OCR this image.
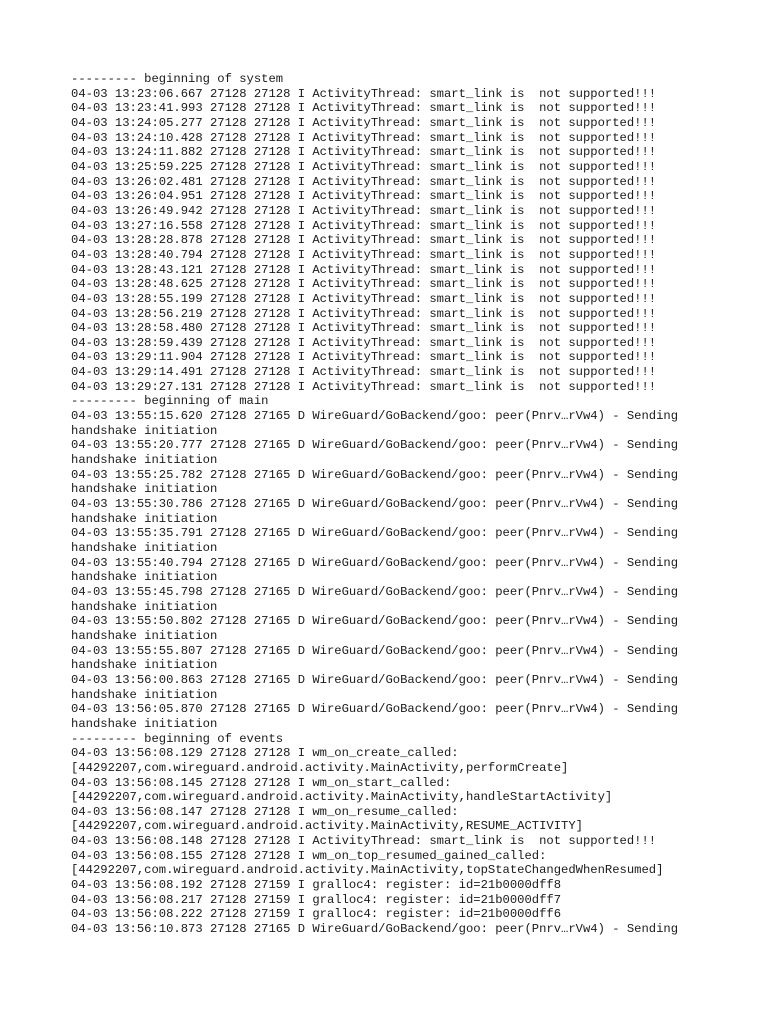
--------- beginning of system
04-03 13:23:06.667 27128 27128 I ActivityThread: smart_link is  not supported!!!
04-03 13:23:41.993 27128 27128 I ActivityThread: smart_link is  not supported!!!
04-03 13:24:05.277 27128 27128 I ActivityThread: smart_link is  not supported!!!
04-03 13:24:10.428 27128 27128 I ActivityThread: smart_link is  not supported!!!
04-03 13:24:11.882 27128 27128 I ActivityThread: smart_link is  not supported!!!
04-03 13:25:59.225 27128 27128 I ActivityThread: smart_link is  not supported!!!
04-03 13:26:02.481 27128 27128 I ActivityThread: smart_link is  not supported!!!
04-03 13:26:04.951 27128 27128 I ActivityThread: smart_link is  not supported!!!
04-03 13:26:49.942 27128 27128 I ActivityThread: smart_link is  not supported!!!
04-03 13:27:16.558 27128 27128 I ActivityThread: smart_link is  not supported!!!
04-03 13:28:28.878 27128 27128 I ActivityThread: smart_link is  not supported!!!
04-03 13:28:40.794 27128 27128 I ActivityThread: smart_link is  not supported!!!
04-03 13:28:43.121 27128 27128 I ActivityThread: smart_link is  not supported!!!
04-03 13:28:48.625 27128 27128 I ActivityThread: smart_link is  not supported!!!
04-03 13:28:55.199 27128 27128 I ActivityThread: smart_link is  not supported!!!
04-03 13:28:56.219 27128 27128 I ActivityThread: smart_link is  not supported!!!
04-03 13:28:58.480 27128 27128 I ActivityThread: smart_link is  not supported!!!
04-03 13:28:59.439 27128 27128 I ActivityThread: smart_link is  not supported!!!
04-03 13:29:11.904 27128 27128 I ActivityThread: smart_link is  not supported!!!
04-03 13:29:14.491 27128 27128 I ActivityThread: smart_link is  not supported!!!
04-03 13:29:27.131 27128 27128 I ActivityThread: smart_link is  not supported!!!
--------- beginning of main
04-03 13:55:15.620 27128 27165 D WireGuard/GoBackend/goo: peer(Pnrv…rVw4) - Sending
handshake initiation
04-03 13:55:20.777 27128 27165 D WireGuard/GoBackend/goo: peer(Pnrv…rVw4) - Sending
handshake initiation
04-03 13:55:25.782 27128 27165 D WireGuard/GoBackend/goo: peer(Pnrv…rVw4) - Sending
handshake initiation
04-03 13:55:30.786 27128 27165 D WireGuard/GoBackend/goo: peer(Pnrv…rVw4) - Sending
handshake initiation
04-03 13:55:35.791 27128 27165 D WireGuard/GoBackend/goo: peer(Pnrv…rVw4) - Sending
handshake initiation
04-03 13:55:40.794 27128 27165 D WireGuard/GoBackend/goo: peer(Pnrv…rVw4) - Sending
handshake initiation
04-03 13:55:45.798 27128 27165 D WireGuard/GoBackend/goo: peer(Pnrv…rVw4) - Sending
handshake initiation
04-03 13:55:50.802 27128 27165 D WireGuard/GoBackend/goo: peer(Pnrv…rVw4) - Sending
handshake initiation
04-03 13:55:55.807 27128 27165 D WireGuard/GoBackend/goo: peer(Pnrv…rVw4) - Sending
handshake initiation
04-03 13:56:00.863 27128 27165 D WireGuard/GoBackend/goo: peer(Pnrv…rVw4) - Sending
handshake initiation
04-03 13:56:05.870 27128 27165 D WireGuard/GoBackend/goo: peer(Pnrv…rVw4) - Sending
handshake initiation
--------- beginning of events
04-03 13:56:08.129 27128 27128 I wm_on_create_called:
[44292207,com.wireguard.android.activity.MainActivity,performCreate]
04-03 13:56:08.145 27128 27128 I wm_on_start_called:
[44292207,com.wireguard.android.activity.MainActivity,handleStartActivity]
04-03 13:56:08.147 27128 27128 I wm_on_resume_called:
[44292207,com.wireguard.android.activity.MainActivity,RESUME_ACTIVITY]
04-03 13:56:08.148 27128 27128 I ActivityThread: smart_link is  not supported!!!
04-03 13:56:08.155 27128 27128 I wm_on_top_resumed_gained_called:
[44292207,com.wireguard.android.activity.MainActivity,topStateChangedWhenResumed]
04-03 13:56:08.192 27128 27159 I gralloc4: register: id=21b0000dff8
04-03 13:56:08.217 27128 27159 I gralloc4: register: id=21b0000dff7
04-03 13:56:08.222 27128 27159 I gralloc4: register: id=21b0000dff6
04-03 13:56:10.873 27128 27165 D WireGuard/GoBackend/goo: peer(Pnrv…rVw4) - Sending
